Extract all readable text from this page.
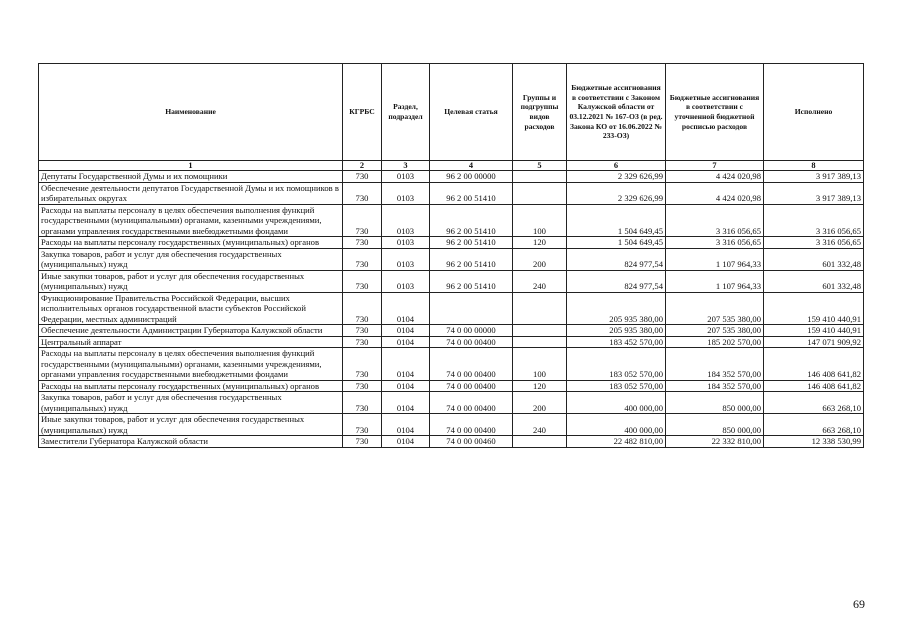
Наименование	КГРБС	Раздел, подраздел	Целевая статья	Группы и подгруппы видов расходов	Бюджетные ассигнования в соответствии с Законом Калужской области от 03.12.2021 № 167-ОЗ (в ред. Закона КО от 16.06.2022 № 233-ОЗ)	Бюджетные ассигнования в соответствии с уточненной бюджетной росписью расходов	Исполнено
1	2	3	4	5	6	7	8
Депутаты Государственной Думы и их помощники	730	0103	96 2 00 00000		2 329 626,99	4 424 020,98	3 917 389,13
Обеспечение деятельности депутатов Государственной Думы и их помощников в избирательных округах	730	0103	96 2 00 51410		2 329 626,99	4 424 020,98	3 917 389,13
Расходы на выплаты персоналу в целях обеспечения выполнения функций государственными (муниципальными) органами, казенными учреждениями, органами управления государственными внебюджетными фондами	730	0103	96 2 00 51410	100	1 504 649,45	3 316 056,65	3 316 056,65
Расходы на выплаты персоналу государственных (муниципальных) органов	730	0103	96 2 00 51410	120	1 504 649,45	3 316 056,65	3 316 056,65
Закупка товаров, работ и услуг для обеспечения государственных (муниципальных) нужд	730	0103	96 2 00 51410	200	824 977,54	1 107 964,33	601 332,48
Иные закупки товаров, работ и услуг для обеспечения государственных (муниципальных) нужд	730	0103	96 2 00 51410	240	824 977,54	1 107 964,33	601 332,48
Функционирование Правительства Российской Федерации, высших исполнительных органов государственной власти субъектов Российской Федерации, местных администраций	730	0104			205 935 380,00	207 535 380,00	159 410 440,91
Обеспечение деятельности Администрации Губернатора Калужской области	730	0104	74 0 00 00000		205 935 380,00	207 535 380,00	159 410 440,91
Центральный аппарат	730	0104	74 0 00 00400		183 452 570,00	185 202 570,00	147 071 909,92
Расходы на выплаты персоналу в целях обеспечения выполнения функций государственными (муниципальными) органами, казенными учреждениями, органами управления государственными внебюджетными фондами	730	0104	74 0 00 00400	100	183 052 570,00	184 352 570,00	146 408 641,82
Расходы на выплаты персоналу государственных (муниципальных) органов	730	0104	74 0 00 00400	120	183 052 570,00	184 352 570,00	146 408 641,82
Закупка товаров, работ и услуг для обеспечения государственных (муниципальных) нужд	730	0104	74 0 00 00400	200	400 000,00	850 000,00	663 268,10
Иные закупки товаров, работ и услуг для обеспечения государственных (муниципальных) нужд	730	0104	74 0 00 00400	240	400 000,00	850 000,00	663 268,10
Заместители Губернатора Калужской области	730	0104	74 0 00 00460		22 482 810,00	22 332 810,00	12 338 530,99
69
